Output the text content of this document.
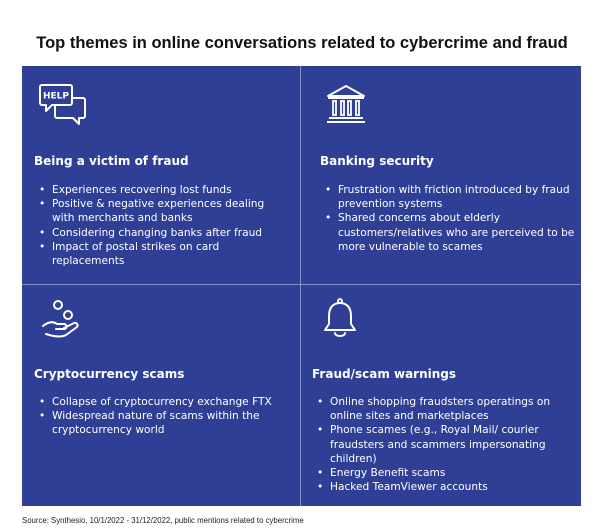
Top themes in online conversations related to cybercrime and fraud
HELP
Being a victim of fraud
• Experiences recovering lost funds
• Positive & negative experiences dealing with merchants and banks
• Considering changing banks after fraud
• Impact of postal strikes on card replacements
Banking security
• Frustration with friction introduced by fraud prevention systems
• Shared concerns about elderly customers/relatives who are perceived to be more vulnerable to scames
Cryptocurrency scams
• Collapse of cryptocurrency exchange FTX
• Widespread nature of scams within the cryptocurrency world
Fraud/scam warnings
• Online shopping fraudsters operatings on online sites and marketplaces
• Phone scames (e.g., Royal Mail/ courier fraudsters and scammers impersonating children)
• Energy Benefit scams
• Hacked TeamViewer accounts
Source: Synthesio, 10/1/2022 - 31/12/2022, public mentions related to cybercrime
